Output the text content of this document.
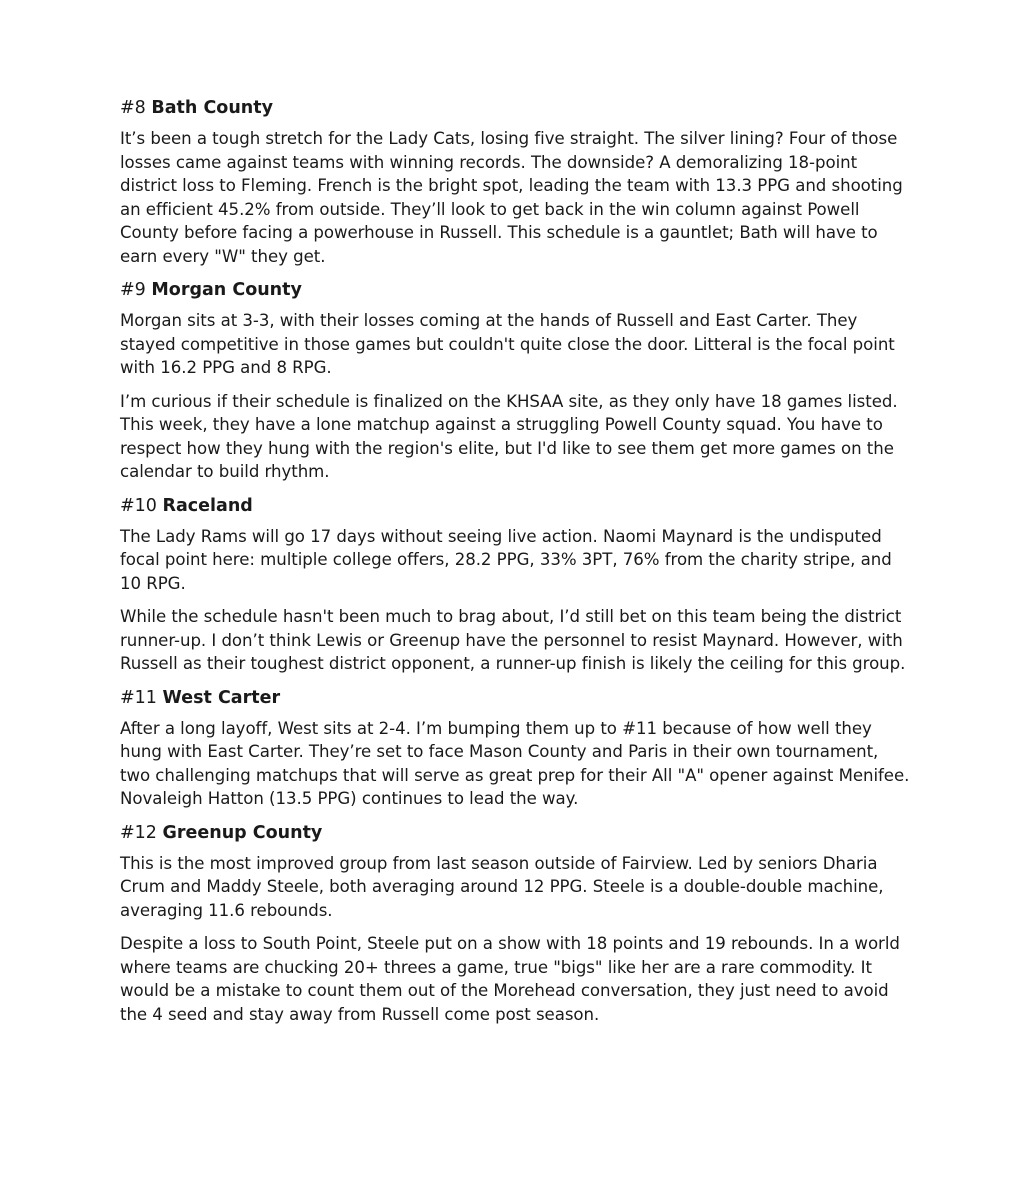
#8 Bath County

It’s been a tough stretch for the Lady Cats, losing five straight. The silver lining? Four of those losses came against teams with winning records. The downside? A demoralizing 18-point district loss to Fleming. French is the bright spot, leading the team with 13.3 PPG and shooting an efficient 45.2% from outside. They’ll look to get back in the win column against Powell County before facing a powerhouse in Russell. This schedule is a gauntlet; Bath will have to earn every "W" they get.

#9 Morgan County

Morgan sits at 3-3, with their losses coming at the hands of Russell and East Carter. They stayed competitive in those games but couldn't quite close the door. Litteral is the focal point with 16.2 PPG and 8 RPG.

I’m curious if their schedule is finalized on the KHSAA site, as they only have 18 games listed. This week, they have a lone matchup against a struggling Powell County squad. You have to respect how they hung with the region's elite, but I'd like to see them get more games on the calendar to build rhythm.

#10 Raceland

The Lady Rams will go 17 days without seeing live action. Naomi Maynard is the undisputed focal point here: multiple college offers, 28.2 PPG, 33% 3PT, 76% from the charity stripe, and 10 RPG.

While the schedule hasn't been much to brag about, I’d still bet on this team being the district runner-up. I don’t think Lewis or Greenup have the personnel to resist Maynard. However, with Russell as their toughest district opponent, a runner-up finish is likely the ceiling for this group.

#11 West Carter

After a long layoff, West sits at 2-4. I’m bumping them up to #11 because of how well they hung with East Carter. They’re set to face Mason County and Paris in their own tournament, two challenging matchups that will serve as great prep for their All "A" opener against Menifee. Novaleigh Hatton (13.5 PPG) continues to lead the way.

#12 Greenup County

This is the most improved group from last season outside of Fairview. Led by seniors Dharia Crum and Maddy Steele, both averaging around 12 PPG. Steele is a double-double machine, averaging 11.6 rebounds.

Despite a loss to South Point, Steele put on a show with 18 points and 19 rebounds. In a world where teams are chucking 20+ threes a game, true "bigs" like her are a rare commodity. It would be a mistake to count them out of the Morehead conversation, they just need to avoid the 4 seed and stay away from Russell come post season.
